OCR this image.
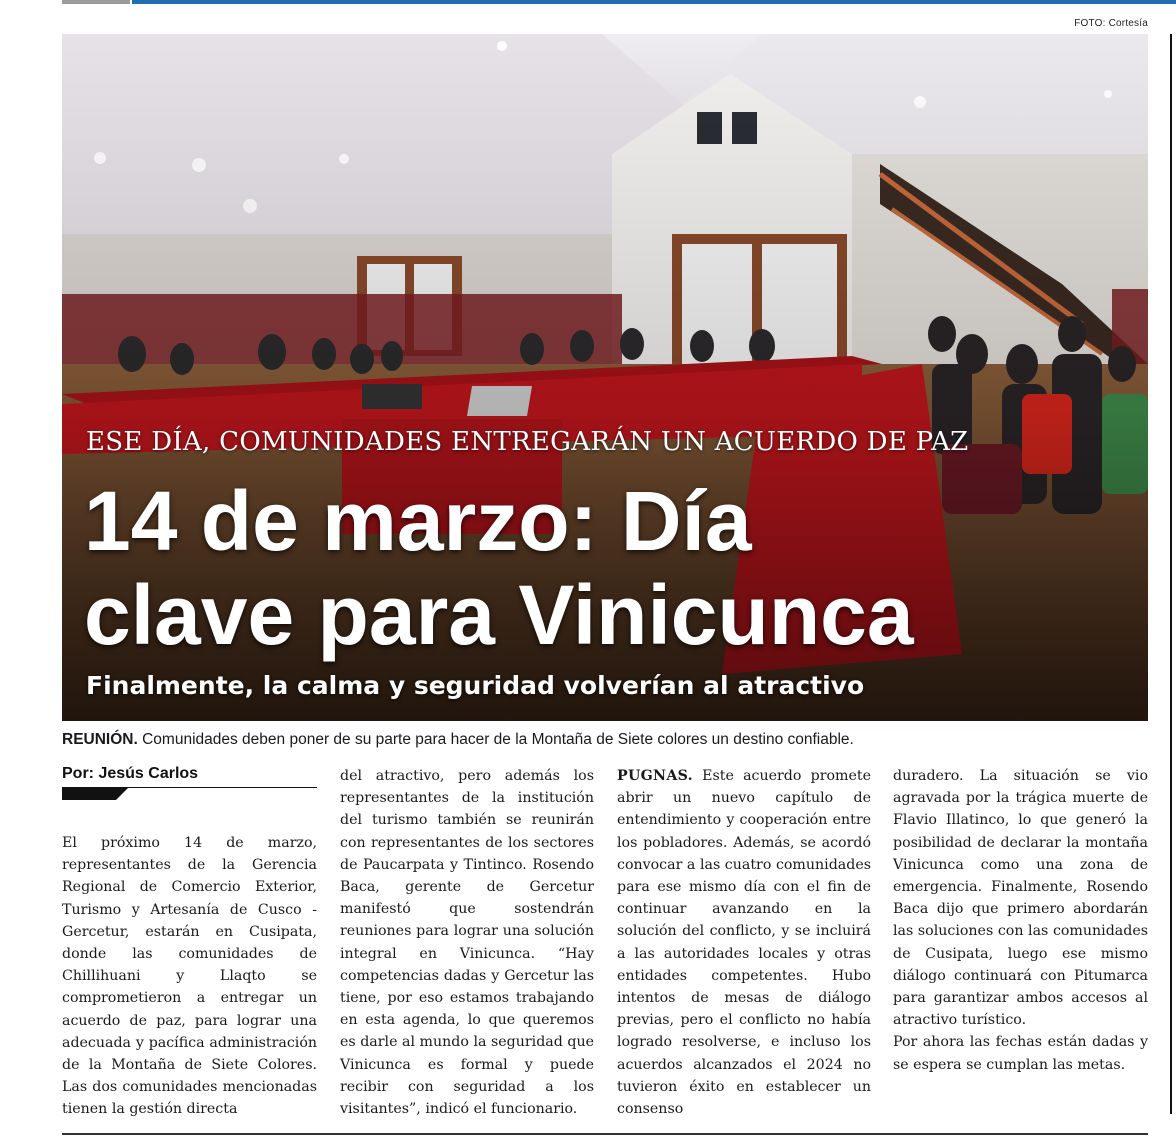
FOTO: Cortesía
ESE DÍA, COMUNIDADES ENTREGARÁN UN ACUERDO DE PAZ
14 de marzo: Día
clave para Vinicunca
Finalmente, la calma y seguridad volverían al atractivo
REUNIÓN. Comunidades deben poner de su parte para hacer de la Montaña de Siete colores un destino confiable.
Por: Jesús Carlos

El próximo 14 de marzo, representantes de la Gerencia Regional de Comercio Exterior, Turismo y Artesanía de Cusco - Gercetur, estarán en Cusipata, donde las comunidades de Chillihuani y Llaqto se comprometieron a entregar un acuerdo de paz, para lograr una adecuada y pacífica administración de la Montaña de Siete Colores. Las dos comunidades mencionadas tienen la gestión directa

del atractivo, pero además los representantes de la institución del turismo también se reunirán con representantes de los sectores de Paucarpata y Tintinco. Rosendo Baca, gerente de Gercetur manifestó que sostendrán reuniones para lograr una solución integral en Vinicunca. “Hay competencias dadas y Gercetur las tiene, por eso estamos trabajando en esta agenda, lo que queremos es darle al mundo la seguridad que Vinicunca es formal y puede recibir con seguridad a los visitantes”, indicó el funcionario.

PUGNAS. Este acuerdo promete abrir un nuevo capítulo de entendimiento y cooperación entre los pobladores. Además, se acordó convocar a las cuatro comunidades para ese mismo día con el fin de continuar avanzando en la solución del conflicto, y se incluirá a las autoridades locales y otras entidades competentes. Hubo intentos de mesas de diálogo previas, pero el conflicto no había logrado resolverse, e incluso los acuerdos alcanzados el 2024 no tuvieron éxito en establecer un consenso

duradero. La situación se vio agravada por la trágica muerte de Flavio Illatinco, lo que generó la posibilidad de declarar la montaña Vinicunca como una zona de emergencia. Finalmente, Rosendo Baca dijo que primero abordarán las soluciones con las comunidades de Cusipata, luego ese mismo diálogo continuará con Pitumarca para garantizar ambos accesos al atractivo turístico.

Por ahora las fechas están dadas y se espera se cumplan las metas.
